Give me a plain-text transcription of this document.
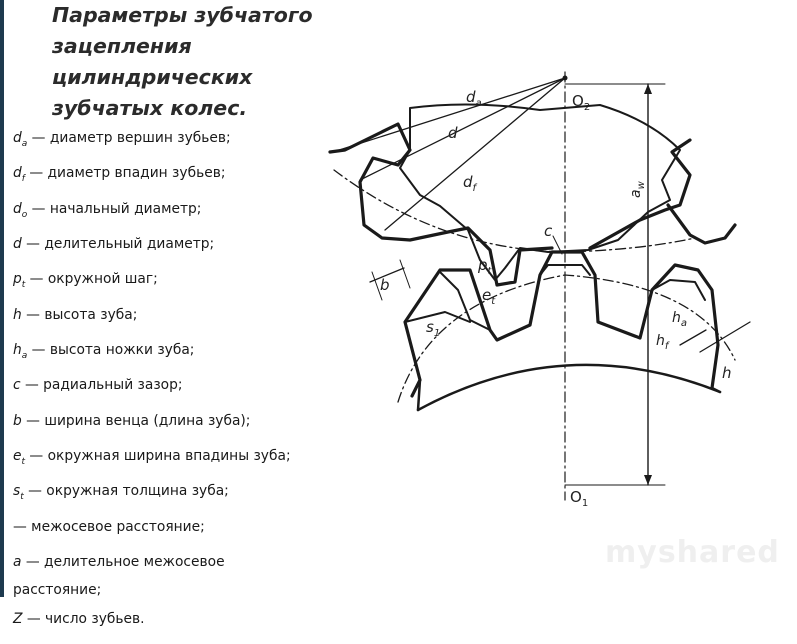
Параметры зубчатого
зацепления
цилиндрических
зубчатых колес.
$d_a$ — диаметр вершин зубьев;
$d_f$ — диаметр впадин зубьев;
$d_o$ — начальный диаметр;
d — делительный диаметр;
$p_t$ — окружной шаг;
h — высота зуба;
$h_a$ — высота ножки зуба;
c — радиальный зазор;
b — ширина венца (длина зуба);
$e_t$ — окружная ширина впадины зуба;
$s_t$ — окружная толщина зуба;
— межосевое расстояние;
a — делительное межосевое расстояние;
Z — число зубьев.
$d_a$
d
$d_f$
$O_2$
$O_1$
$a_w$
c
$p_t$
$e_t$
$s_1$
b
$h_f$
$h_a$
h
myshared
